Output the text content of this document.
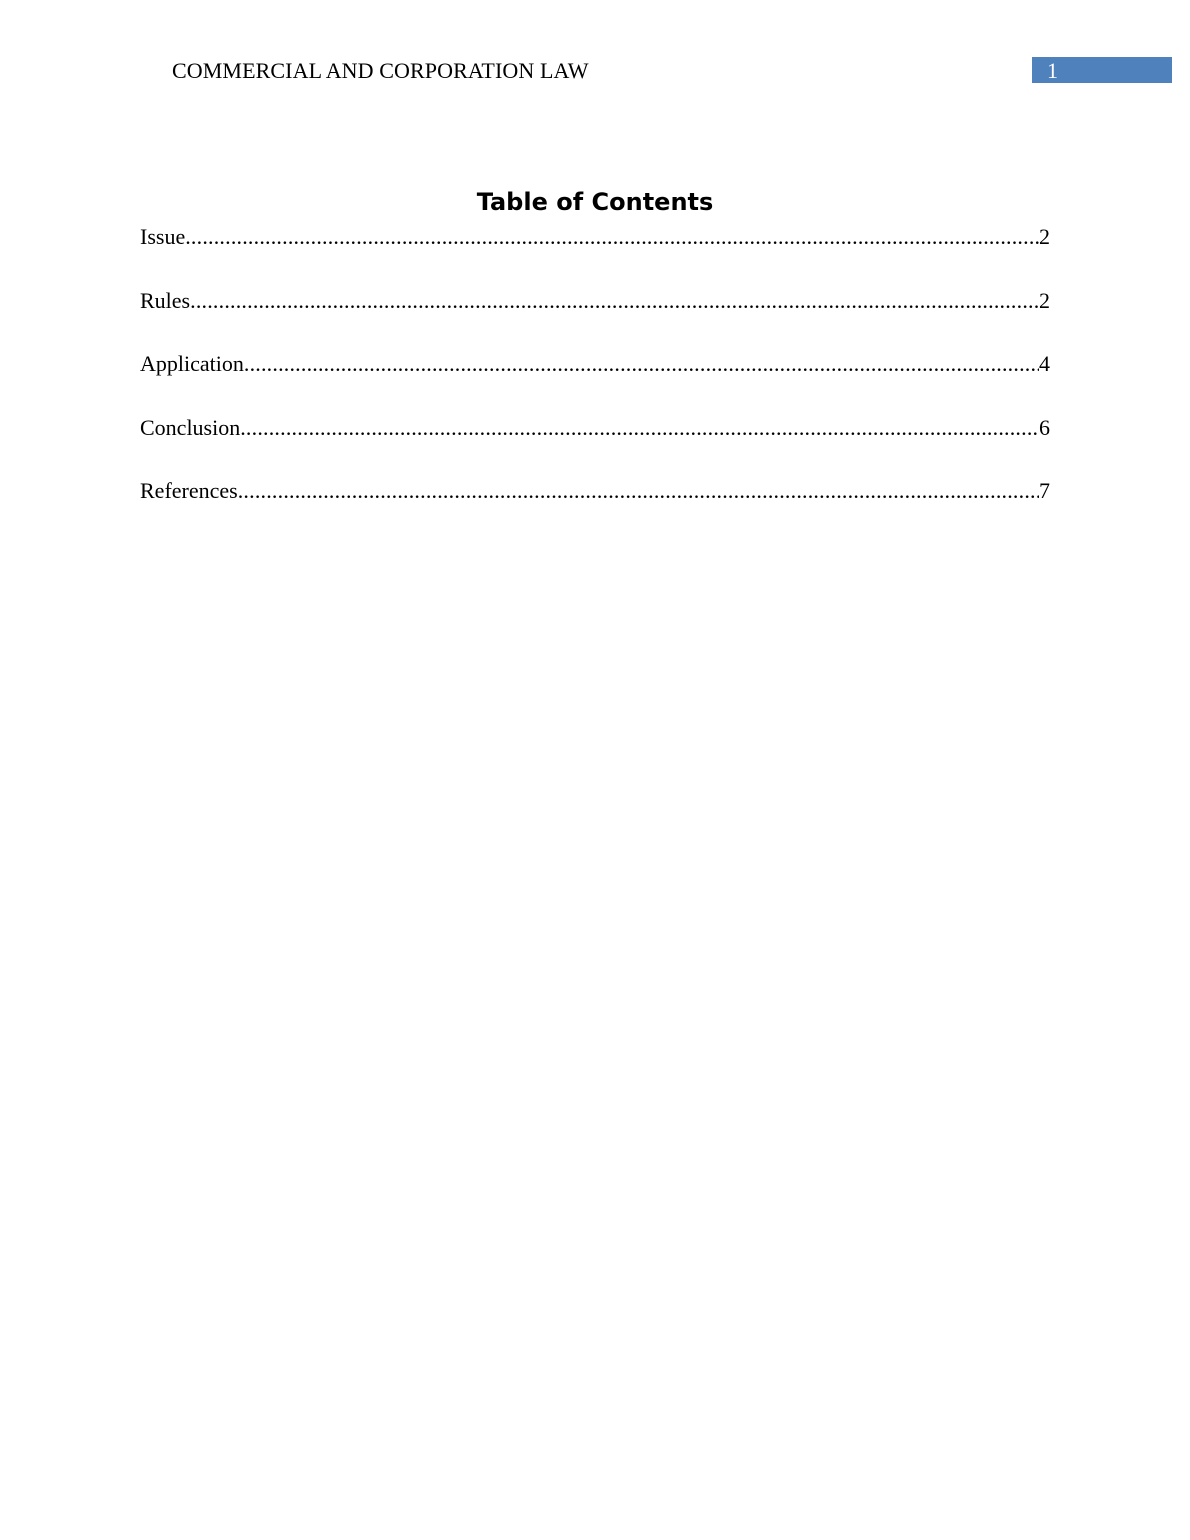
COMMERCIAL AND CORPORATION LAW	1
Table of Contents
Issue .....	2
Rules .....	2
Application .....	4
Conclusion .....	6
References .....	7
